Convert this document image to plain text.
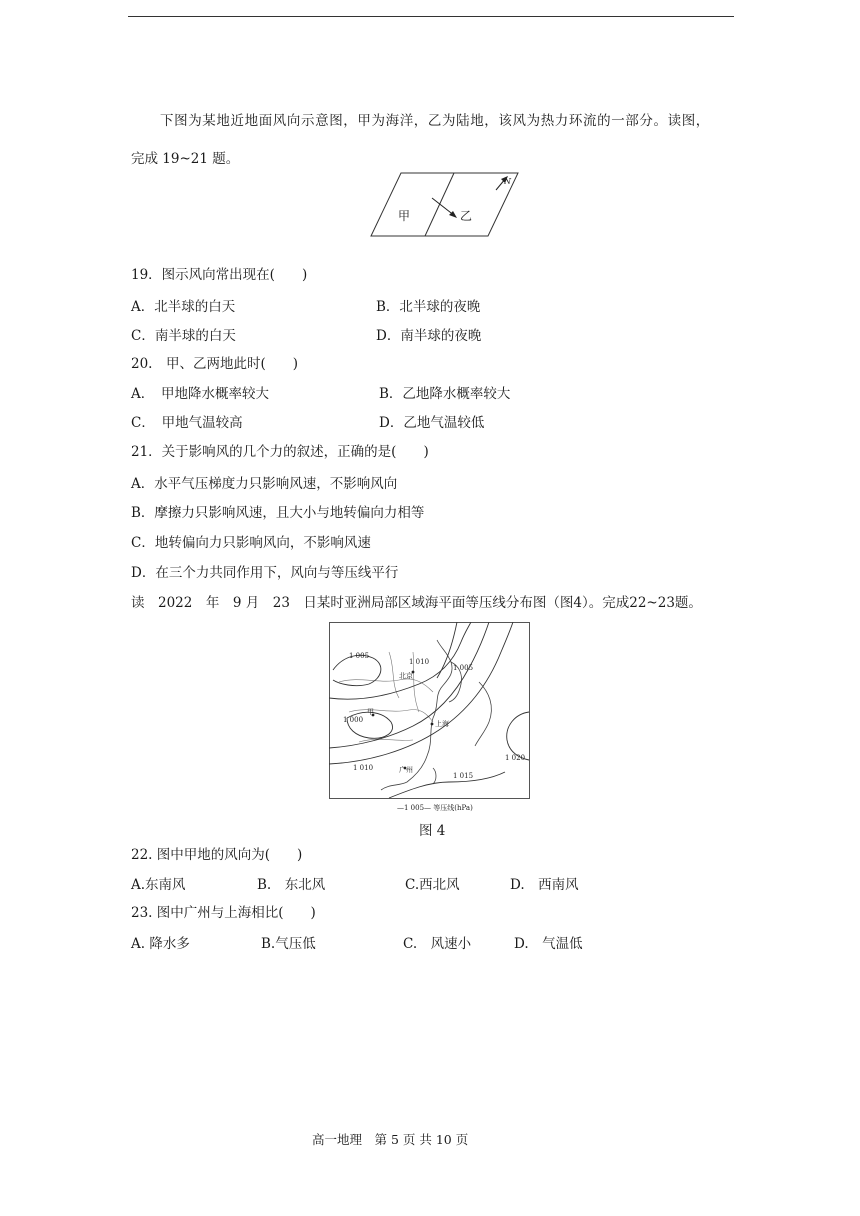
下图为某地近地面风向示意图，甲为海洋，乙为陆地，该风为热力环流的一部分。读图，
完成 19~21 题。
甲	乙
N
19．图示风向常出现在(　　)
A．北半球的白天	B．北半球的夜晚
C．南半球的白天	D．南半球的夜晚
20.　甲、乙两地此时(　　)
A．　甲地降水概率较大	B．乙地降水概率较大
C．　甲地气温较高	D．乙地气温较低
21．关于影响风的几个力的叙述，正确的是(　　)
A．水平气压梯度力只影响风速，不影响风向
B．摩擦力只影响风速，且大小与地转偏向力相等
C．地转偏向力只影响风向，不影响风速
D．在三个力共同作用下，风向与等压线平行
读　2022　年　9 月　23　日某时亚洲局部区域海平面等压线分布图（图4）。完成22~23题。
1 005
1 010
1 005
北京
甲
1 000	上海
1 020
1 010	广州
1 015
—1 005— 等压线(hPa)
图 4
22. 图中甲地的风向为(　　)
A.东南风	B.　东北风	C.西北风	D.　西南风
23. 图中广州与上海相比(　　)
A. 降水多	B.气压低	C.　风速小	D.　气温低
高一地理　第 5 页 共 10 页
